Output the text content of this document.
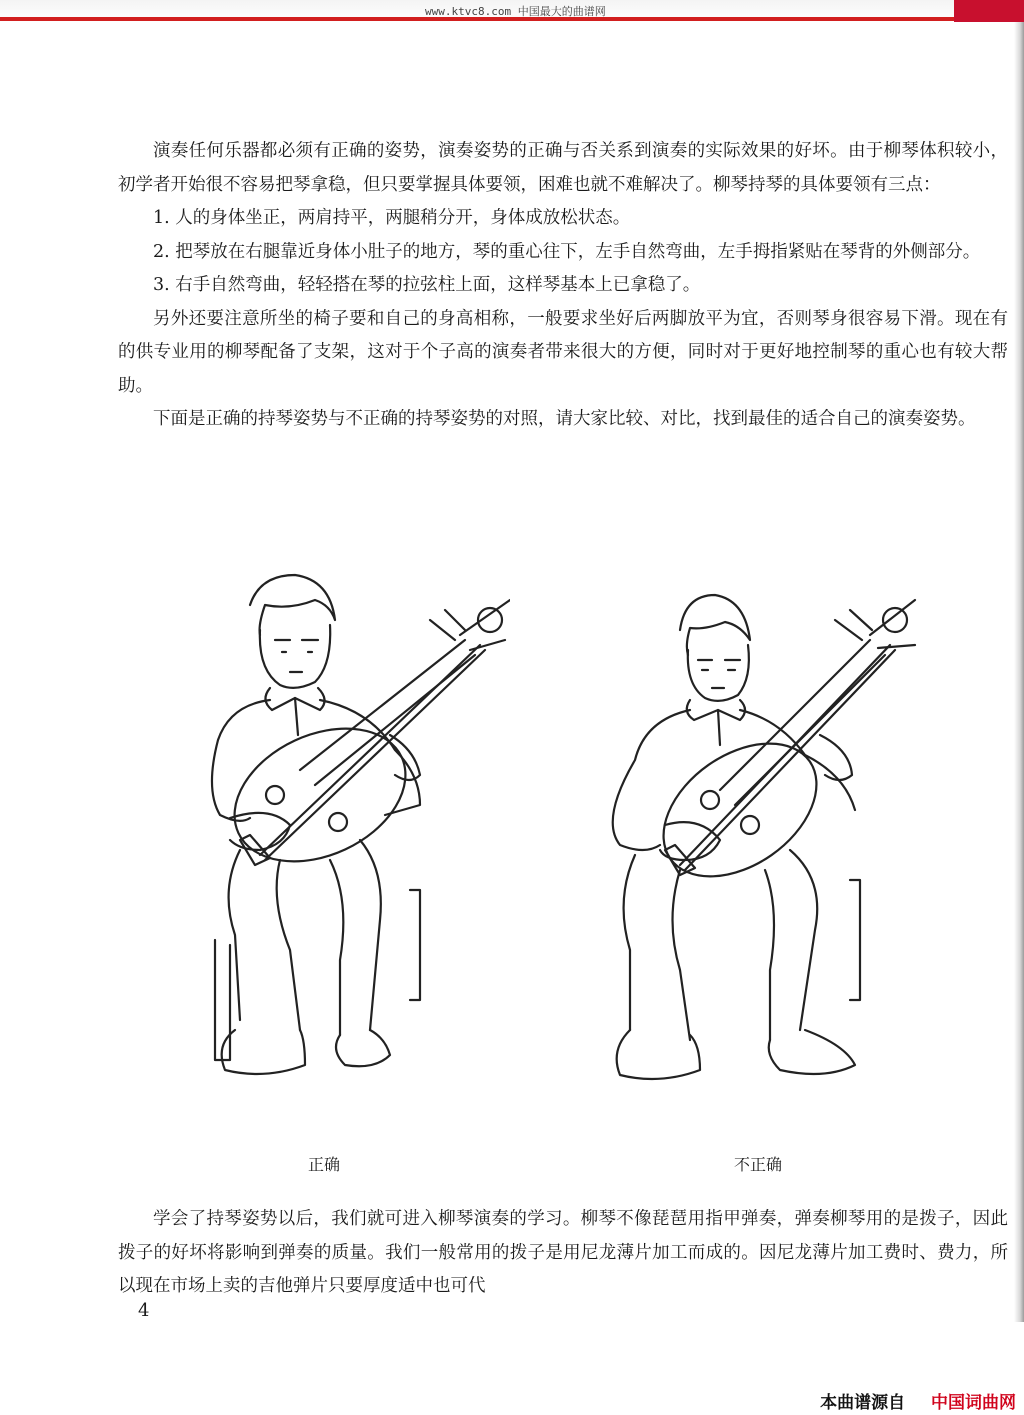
www.ktvc8.com 中国最大的曲谱网

演奏任何乐器都必须有正确的姿势，演奏姿势的正确与否关系到演奏的实际效果的好坏。由于柳琴体积较小，初学者开始很不容易把琴拿稳，但只要掌握具体要领，困难也就不难解决了。柳琴持琴的具体要领有三点：

1. 人的身体坐正，两肩持平，两腿稍分开，身体成放松状态。

2. 把琴放在右腿靠近身体小肚子的地方，琴的重心往下，左手自然弯曲，左手拇指紧贴在琴背的外侧部分。

3. 右手自然弯曲，轻轻搭在琴的拉弦柱上面，这样琴基本上已拿稳了。

另外还要注意所坐的椅子要和自己的身高相称，一般要求坐好后两脚放平为宜，否则琴身很容易下滑。现在有的供专业用的柳琴配备了支架，这对于个子高的演奏者带来很大的方便，同时对于更好地控制琴的重心也有较大帮助。

下面是正确的持琴姿势与不正确的持琴姿势的对照，请大家比较、对比，找到最佳的适合自己的演奏姿势。

正确	不正确

学会了持琴姿势以后，我们就可进入柳琴演奏的学习。柳琴不像琵琶用指甲弹奏，弹奏柳琴用的是拨子，因此拨子的好坏将影响到弹奏的质量。我们一般常用的拨子是用尼龙薄片加工而成的。因尼龙薄片加工费时、费力，所以现在市场上卖的吉他弹片只要厚度适中也可代

4
本曲谱源自 中国词曲网
